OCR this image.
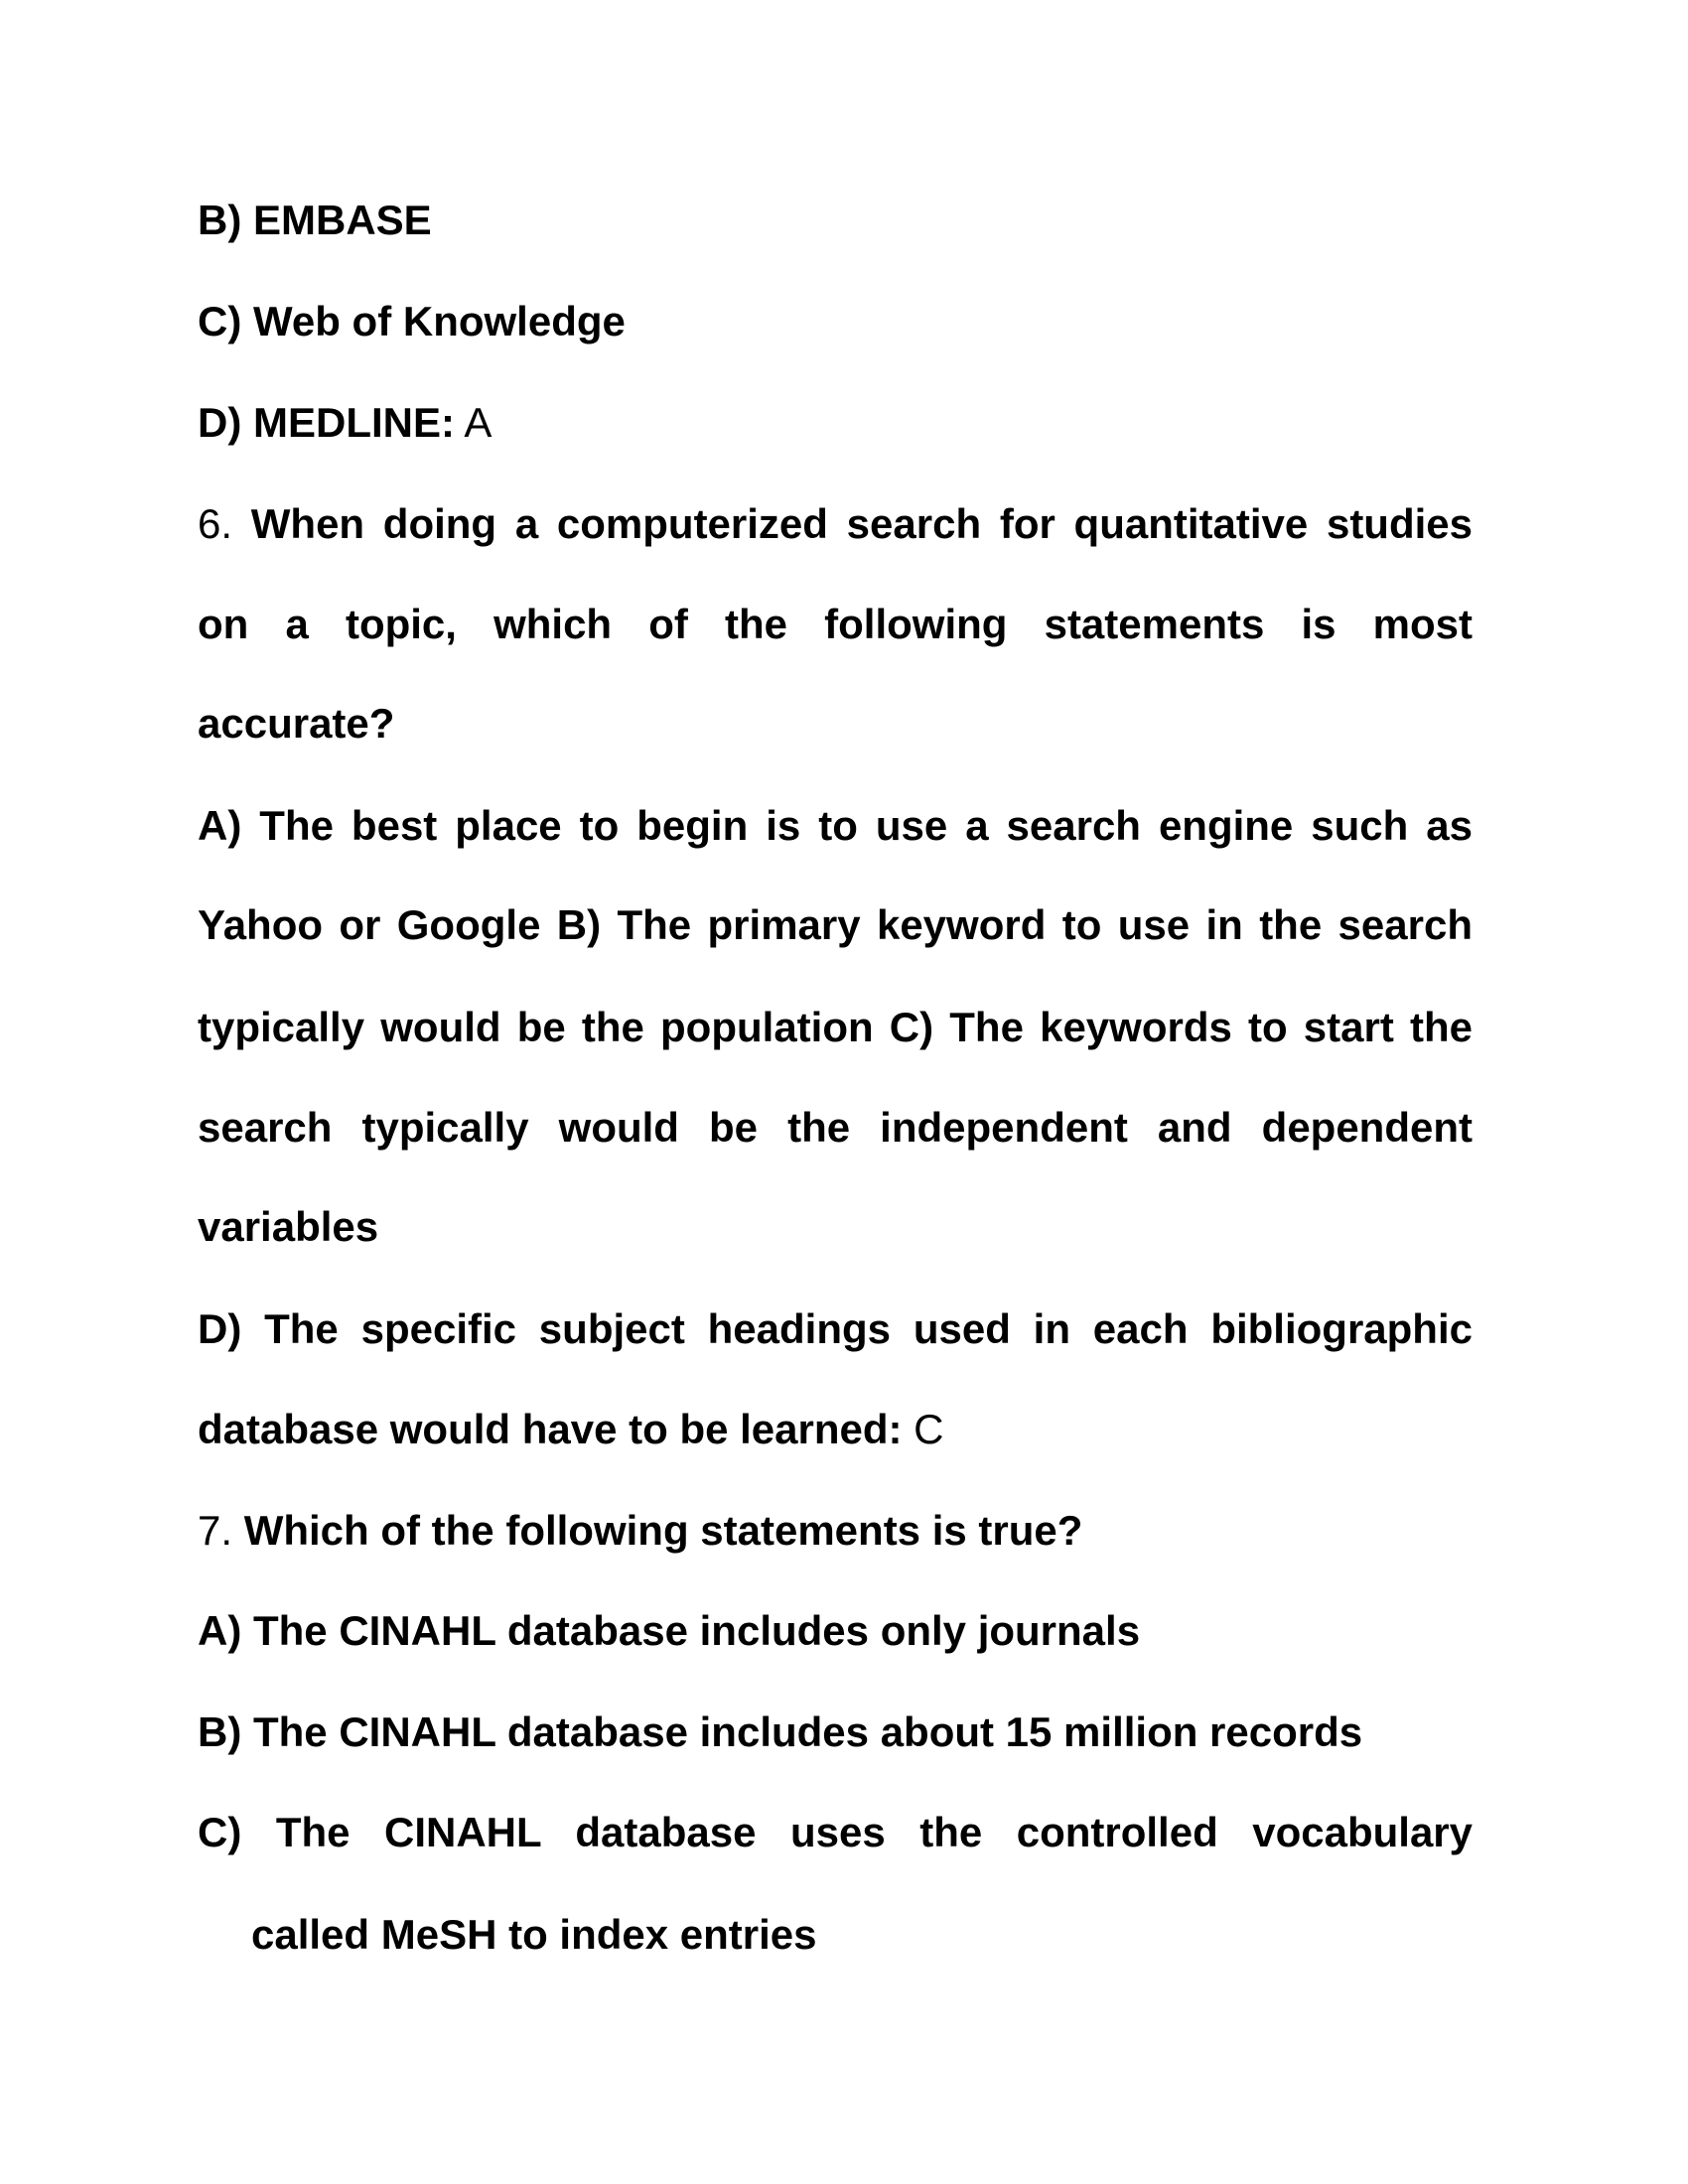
B) EMBASE
C) Web of Knowledge
D) MEDLINE: A
6. When doing a computerized search for quantitative studies
on a topic, which of the following statements is most
accurate?
A) The best place to begin is to use a search engine such as
Yahoo or Google B) The primary keyword to use in the search
typically would be the population C) The keywords to start the
search typically would be the independent and dependent
variables
D) The specific subject headings used in each bibliographic
database would have to be learned: C
7. Which of the following statements is true?
A) The CINAHL database includes only journals
B) The CINAHL database includes about 15 million records
C) The CINAHL database uses the controlled vocabulary
called MeSH to index entries
